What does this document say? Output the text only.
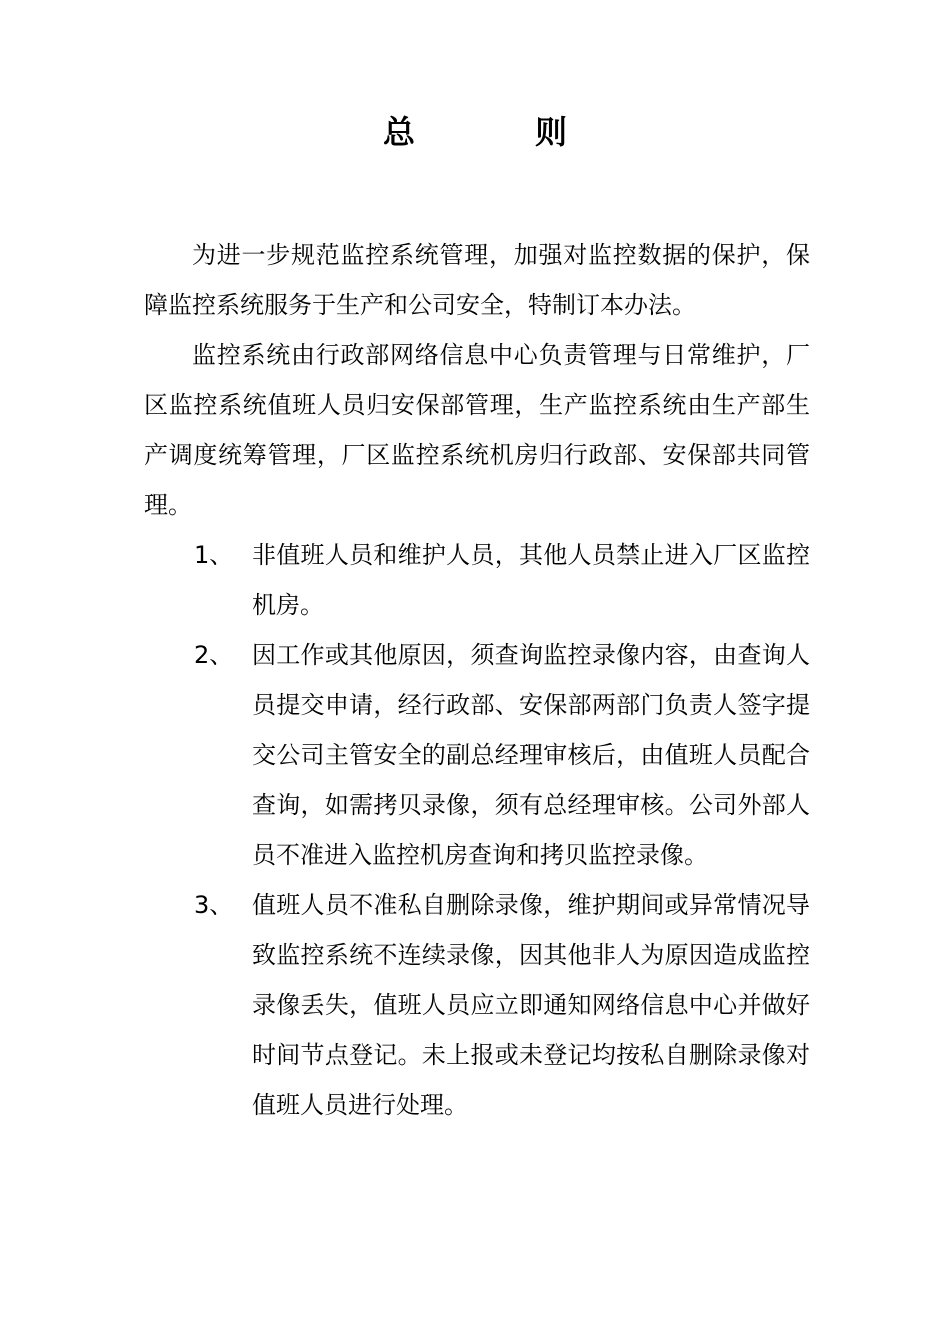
总　则

为进一步规范监控系统管理，加强对监控数据的保护，保障监控系统服务于生产和公司安全，特制订本办法。

监控系统由行政部网络信息中心负责管理与日常维护，厂区监控系统值班人员归安保部管理，生产监控系统由生产部生产调度统筹管理，厂区监控系统机房归行政部、安保部共同管理。

1、 非值班人员和维护人员，其他人员禁止进入厂区监控机房。
2、 因工作或其他原因，须查询监控录像内容，由查询人员提交申请，经行政部、安保部两部门负责人签字提交公司主管安全的副总经理审核后，由值班人员配合查询，如需拷贝录像，须有总经理审核。公司外部人员不准进入监控机房查询和拷贝监控录像。
3、 值班人员不准私自删除录像，维护期间或异常情况导致监控系统不连续录像，因其他非人为原因造成监控录像丢失，值班人员应立即通知网络信息中心并做好时间节点登记。未上报或未登记均按私自删除录像对值班人员进行处理。
